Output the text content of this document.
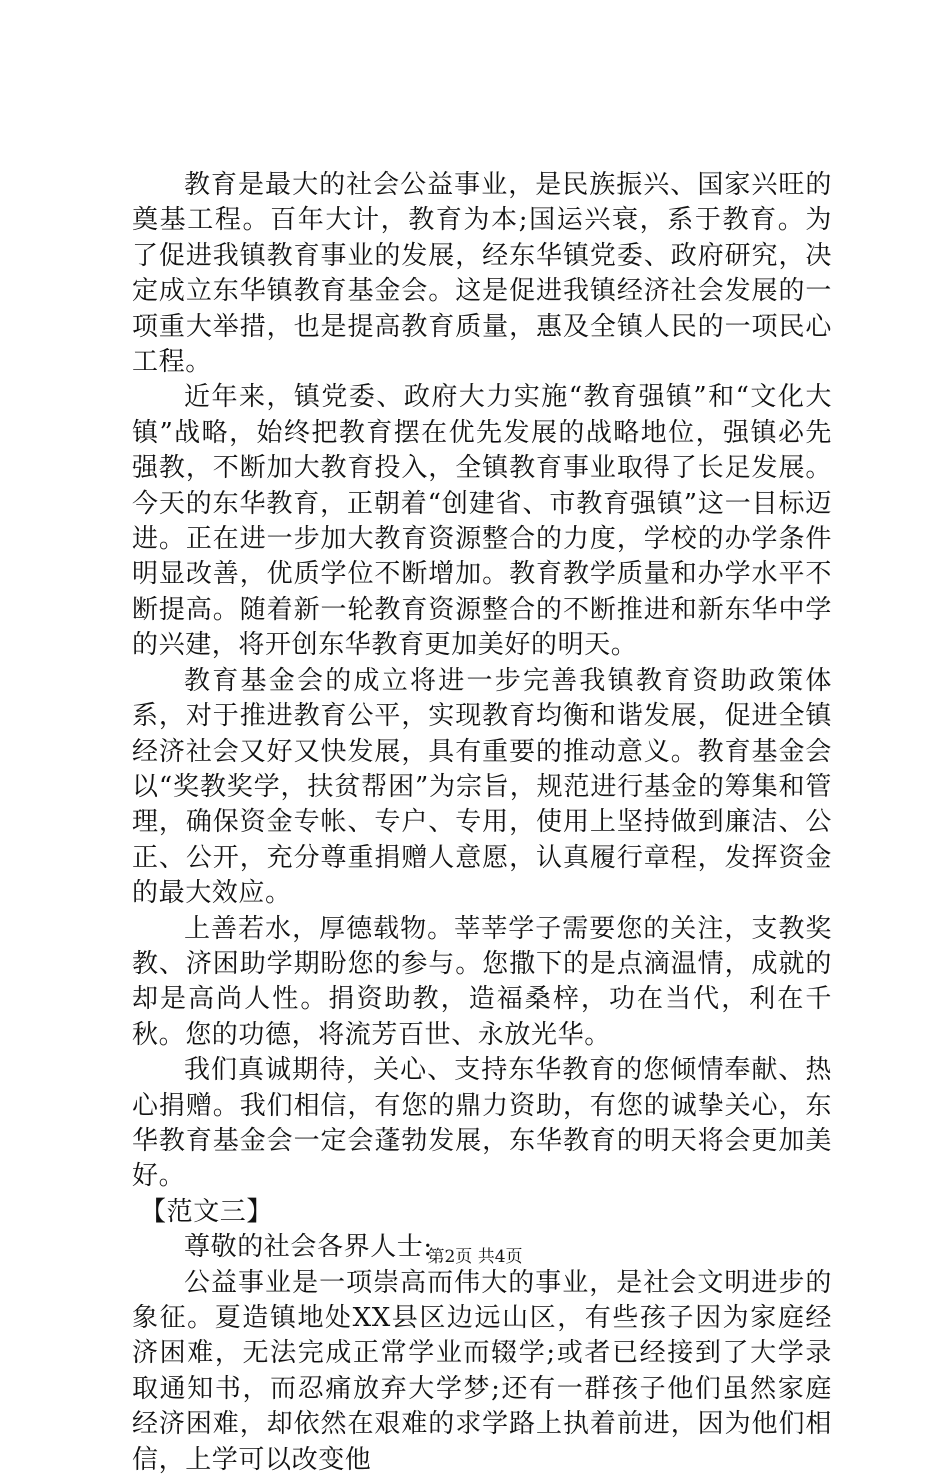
教育是最大的社会公益事业，是民族振兴、国家兴旺的奠基工程。百年大计，教育为本;国运兴衰，系于教育。为了促进我镇教育事业的发展，经东华镇党委、政府研究，决定成立东华镇教育基金会。这是促进我镇经济社会发展的一项重大举措，也是提高教育质量，惠及全镇人民的一项民心工程。

近年来，镇党委、政府大力实施“教育强镇”和“文化大镇”战略，始终把教育摆在优先发展的战略地位，强镇必先强教，不断加大教育投入，全镇教育事业取得了长足发展。今天的东华教育，正朝着“创建省、市教育强镇”这一目标迈进。正在进一步加大教育资源整合的力度，学校的办学条件明显改善，优质学位不断增加。教育教学质量和办学水平不断提高。随着新一轮教育资源整合的不断推进和新东华中学的兴建，将开创东华教育更加美好的明天。

教育基金会的成立将进一步完善我镇教育资助政策体系，对于推进教育公平，实现教育均衡和谐发展，促进全镇经济社会又好又快发展，具有重要的推动意义。教育基金会以“奖教奖学，扶贫帮困”为宗旨，规范进行基金的筹集和管理，确保资金专帐、专户、专用，使用上坚持做到廉洁、公正、公开，充分尊重捐赠人意愿，认真履行章程，发挥资金的最大效应。

上善若水，厚德载物。莘莘学子需要您的关注，支教奖教、济困助学期盼您的参与。您撒下的是点滴温情，成就的却是高尚人性。捐资助教，造福桑梓，功在当代，利在千秋。您的功德，将流芳百世、永放光华。

我们真诚期待，关心、支持东华教育的您倾情奉献、热心捐赠。我们相信，有您的鼎力资助，有您的诚挚关心，东华教育基金会一定会蓬勃发展，东华教育的明天将会更加美好。

【范文三】

尊敬的社会各界人士:

公益事业是一项崇高而伟大的事业，是社会文明进步的象征。夏造镇地处XX县区边远山区，有些孩子因为家庭经济困难，无法完成正常学业而辍学;或者已经接到了大学录取通知书，而忍痛放弃大学梦;还有一群孩子他们虽然家庭经济困难，却依然在艰难的求学路上执着前进，因为他们相信，上学可以改变他

第2页 共4页
